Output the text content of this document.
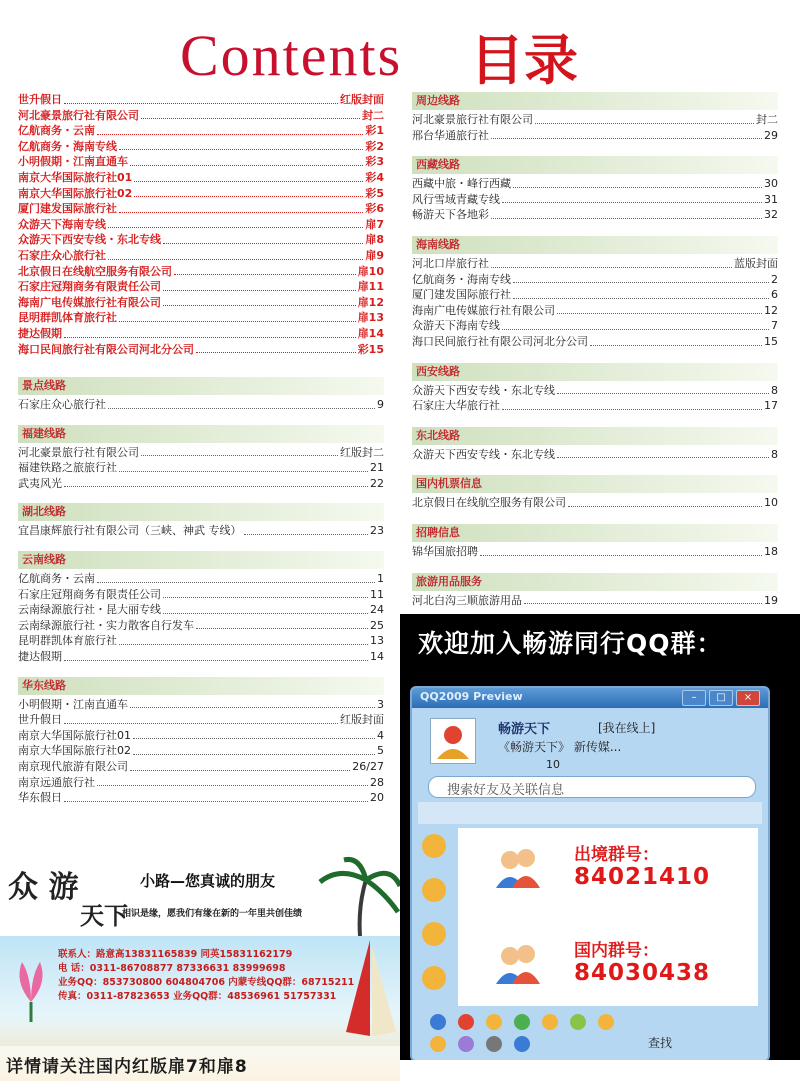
Contents 目录
世升假日	红版封面
河北豪景旅行社有限公司	封二
亿航商务・云南	彩1
亿航商务・海南专线	彩2
小明假期・江南直通车	彩3
南京大华国际旅行社01	彩4
南京大华国际旅行社02	彩5
厦门建发国际旅行社	彩6
众游天下海南专线	扉7
众游天下西安专线・东北专线	扉8
石家庄众心旅行社	扉9
北京假日在线航空服务有限公司	扉10
石家庄冠翔商务有限责任公司	扉11
海南广电传媒旅行社有限公司	扉12
昆明群凯体育旅行社	扉13
捷达假期	扉14
海口民间旅行社有限公司河北分公司	彩15
景点线路
石家庄众心旅行社	9
福建线路
河北豪景旅行社有限公司	红版封二
福建铁路之旅旅行社	21
武夷风光	22
湖北线路
宜昌康辉旅行社有限公司（三峡、神武 专线）	23
云南线路
亿航商务・云南	1
石家庄冠翔商务有限责任公司	11
云南绿源旅行社・昆大丽专线	24
云南绿源旅行社・实力散客自行发车	25
昆明群凯体育旅行社	13
捷达假期	14
华东线路
小明假期・江南直通车	3
世升假日	红版封面
南京大华国际旅行社01	4
南京大华国际旅行社02	5
南京现代旅游有限公司	26/27
南京远通旅行社	28
华东假日	20
周边线路
河北豪景旅行社有限公司	封二
邢台华通旅行社	29
西藏线路
西藏中旅・峰行西藏	30
风行雪域青藏专线	31
畅游天下各地彩	32
海南线路
河北口岸旅行社	蓝版封面
亿航商务・海南专线	2
厦门建发国际旅行社	6
海南广电传媒旅行社有限公司	12
众游天下海南专线	7
海口民间旅行社有限公司河北分公司	15
西安线路
众游天下西安专线・东北专线	8
石家庄大华旅行社	17
东北线路
众游天下西安专线・东北专线	8
国内机票信息
北京假日在线航空服务有限公司	10
招聘信息
锦华国旅招聘	18
旅游用品服务
河北白沟三顺旅游用品	19
众 游
天下
小路—您真诚的朋友
相识是缘，愿我们有缘在新的一年里共创佳绩
联系人：路意高13831165839 同英15831162179
电 话：0311-86708877 87336631 83999698
业务QQ：853730800 604804706 内蒙专线QQ群：68715211
传真：0311-87823653 业务QQ群：48536961 51757331
详情请关注国内红版扉7和扉8
欢迎加入畅游同行QQ群：
QQ2009 Preview	–	□	×
畅游天下	[我在线上]
《畅游天下》 新传媒...
10
搜索好友及关联信息
出境群号：
84021410
国内群号：
84030438
查找
